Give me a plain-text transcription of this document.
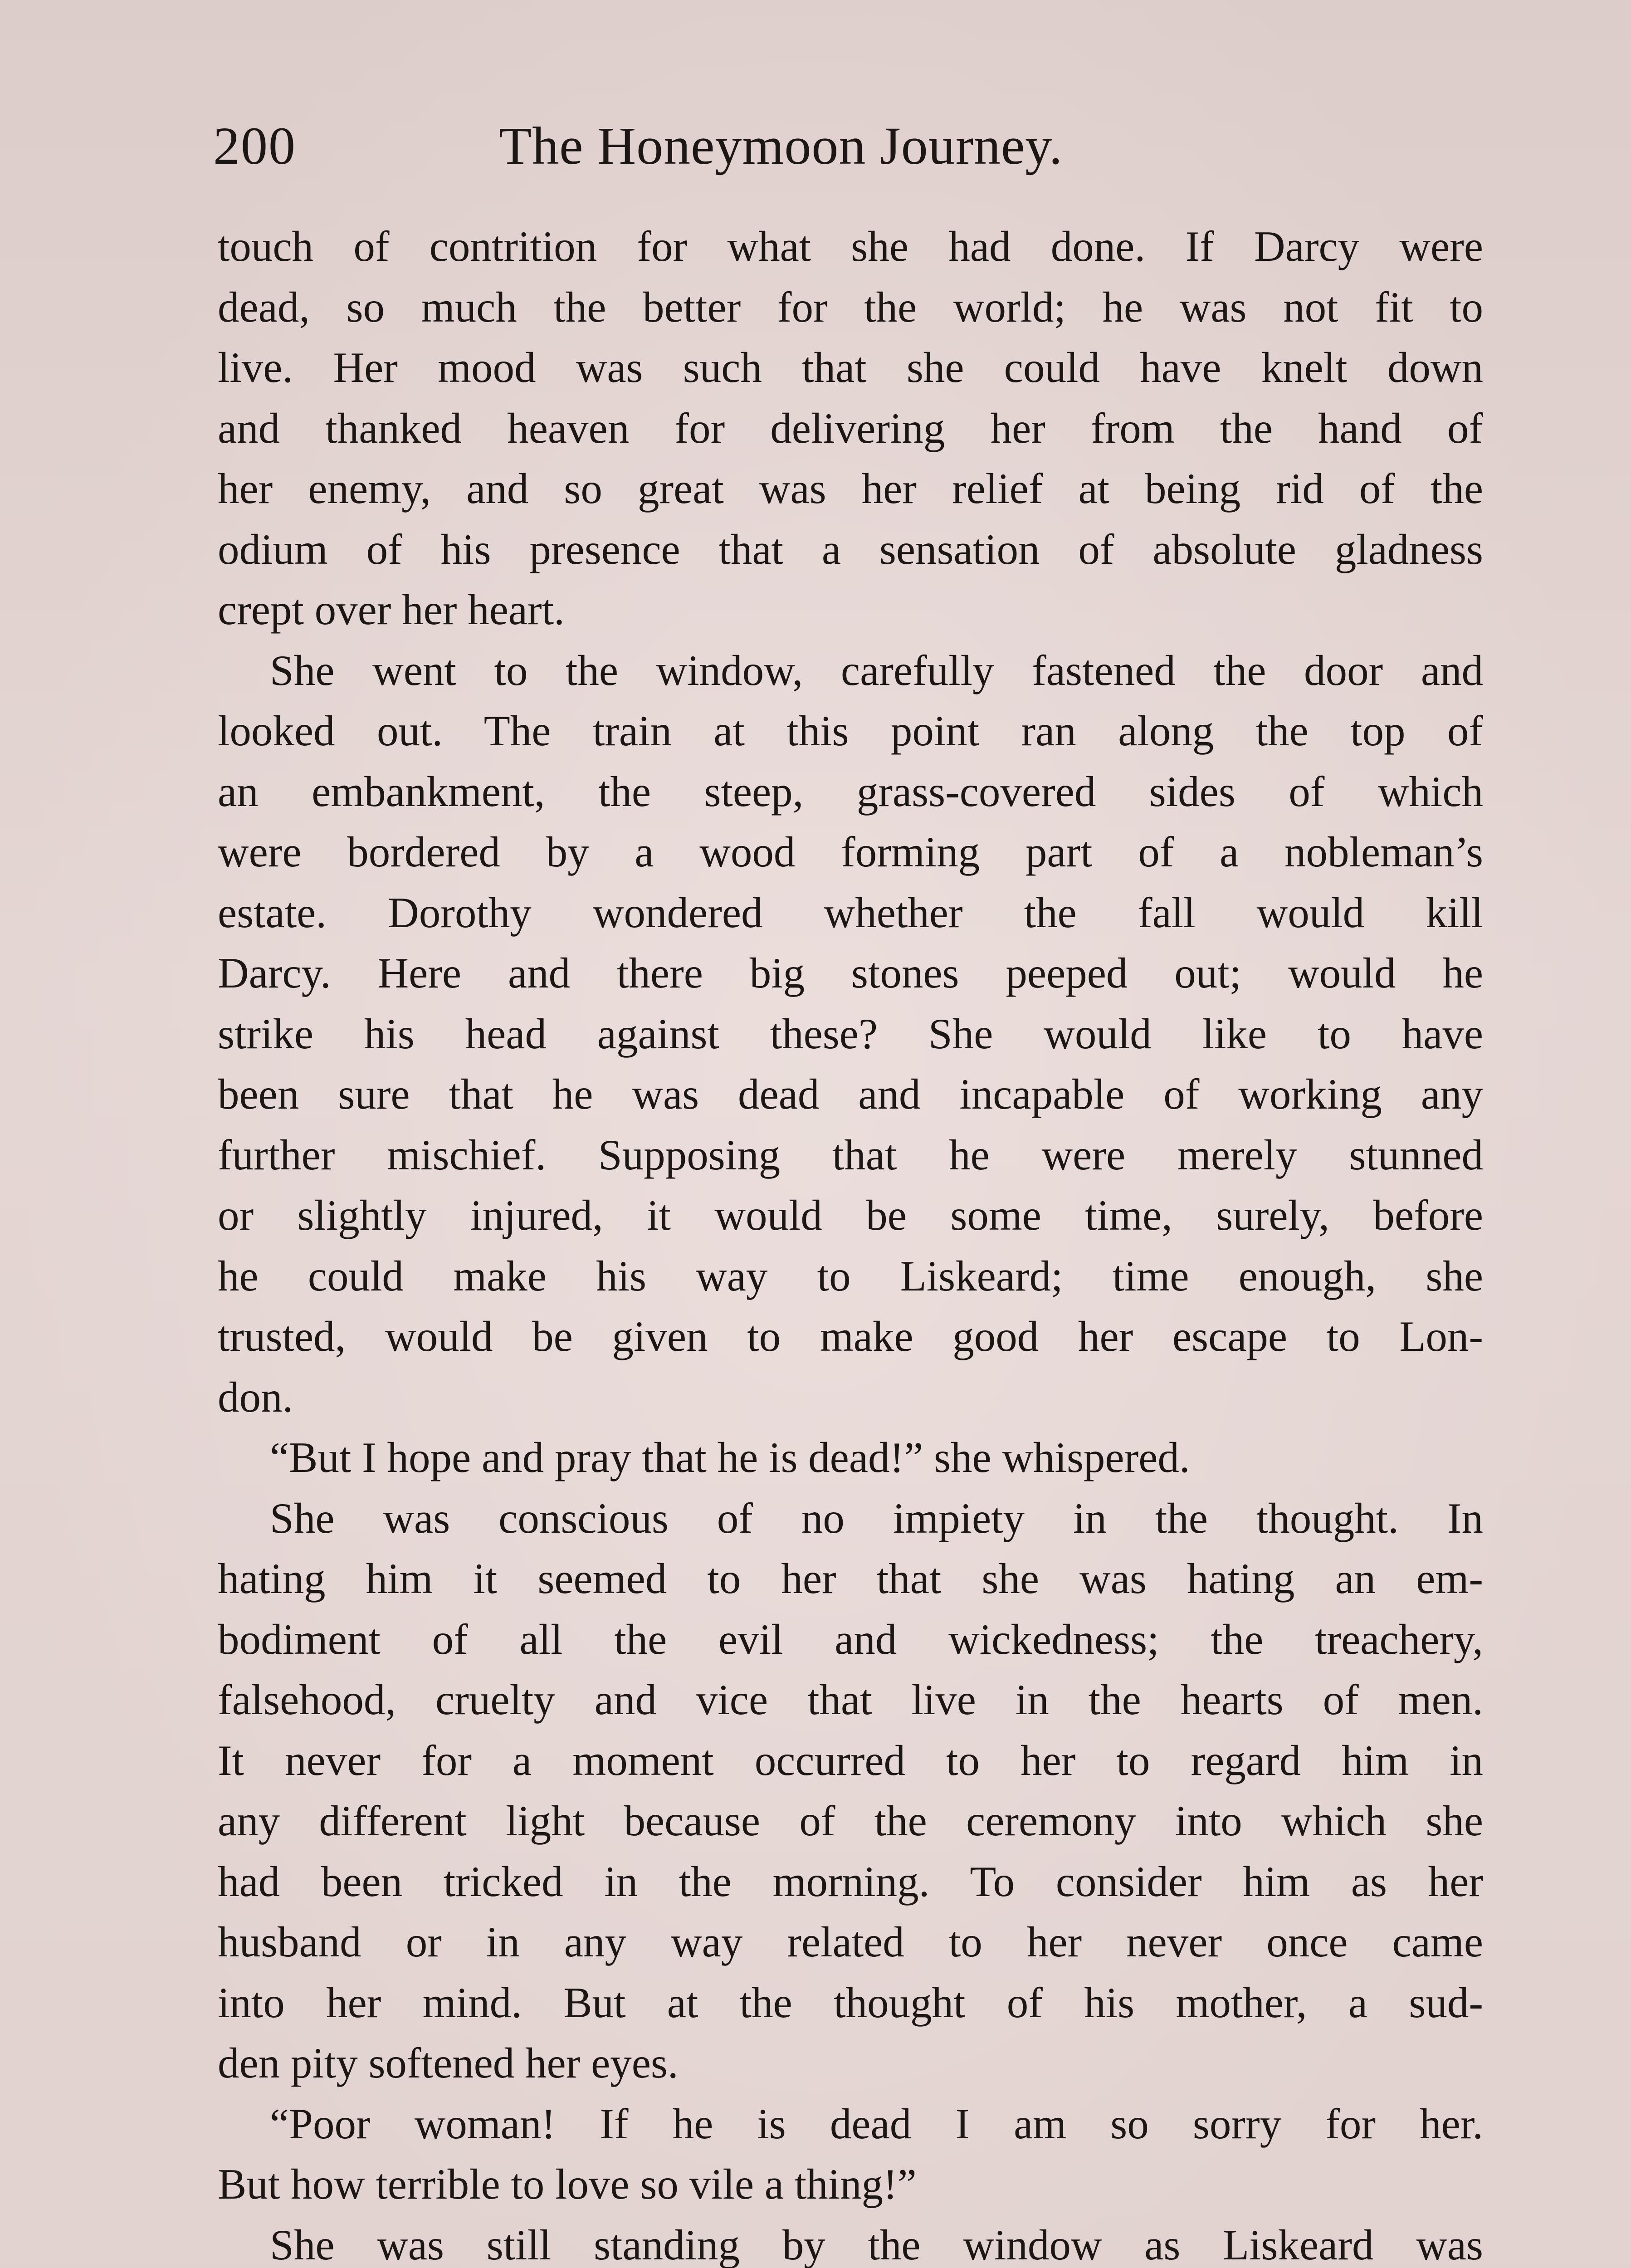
200	The Honeymoon Journey.
touch of contrition for what she had done. If Darcy were
dead, so much the better for the world; he was not fit to
live. Her mood was such that she could have knelt down
and thanked heaven for delivering her from the hand of
her enemy, and so great was her relief at being rid of the
odium of his presence that a sensation of absolute gladness
crept over her heart.
She went to the window, carefully fastened the door and
looked out. The train at this point ran along the top of
an embankment, the steep, grass-covered sides of which
were bordered by a wood forming part of a nobleman’s
estate. Dorothy wondered whether the fall would kill
Darcy. Here and there big stones peeped out; would he
strike his head against these? She would like to have
been sure that he was dead and incapable of working any
further mischief. Supposing that he were merely stunned
or slightly injured, it would be some time, surely, before
he could make his way to Liskeard; time enough, she
trusted, would be given to make good her escape to Lon-
don.
“But I hope and pray that he is dead!” she whispered.
She was conscious of no impiety in the thought. In
hating him it seemed to her that she was hating an em-
bodiment of all the evil and wickedness; the treachery,
falsehood, cruelty and vice that live in the hearts of men.
It never for a moment occurred to her to regard him in
any different light because of the ceremony into which she
had been tricked in the morning. To consider him as her
husband or in any way related to her never once came
into her mind. But at the thought of his mother, a sud-
den pity softened her eyes.
“Poor woman! If he is dead I am so sorry for her.
But how terrible to love so vile a thing!”
She was still standing by the window as Liskeard was
